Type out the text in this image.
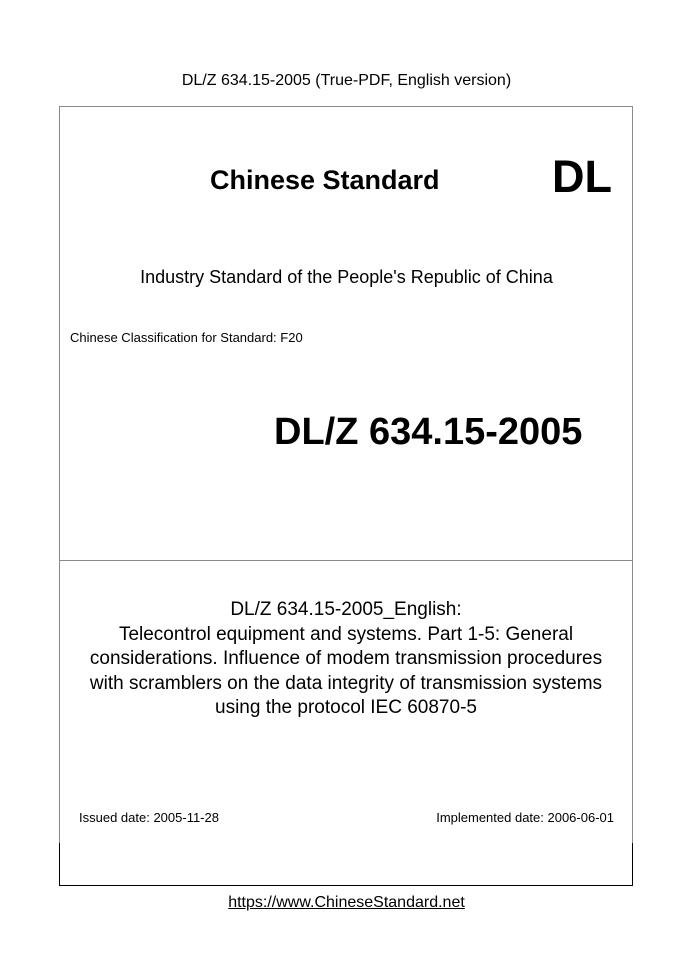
DL/Z 634.15-2005 (True-PDF, English version)
Chinese Standard DL
Industry Standard of the People's Republic of China
Chinese Classification for Standard: F20
DL/Z 634.15-2005
DL/Z 634.15-2005_English:
Telecontrol equipment and systems. Part 1-5: General
considerations. Influence of modem transmission procedures
with scramblers on the data integrity of transmission systems
using the protocol IEC 60870-5
Issued date: 2005-11-28	Implemented date: 2006-06-01
https://www.ChineseStandard.net
